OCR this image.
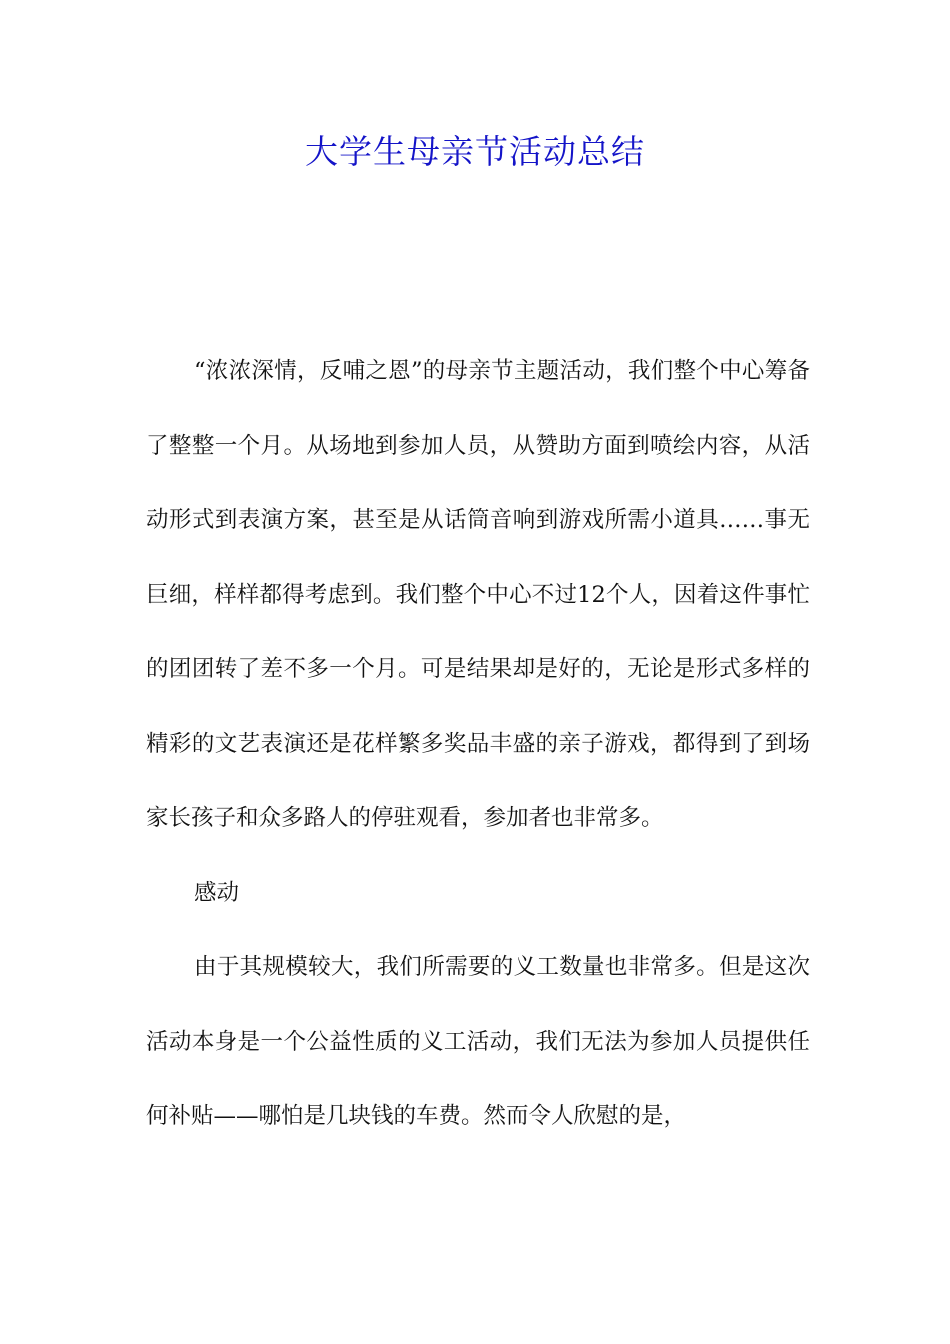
大学生母亲节活动总结

“浓浓深情，反哺之恩”的母亲节主题活动，我们整个中心筹备了整整一个月。从场地到参加人员，从赞助方面到喷绘内容，从活动形式到表演方案，甚至是从话筒音响到游戏所需小道具……事无巨细，样样都得考虑到。我们整个中心不过12个人，因着这件事忙的团团转了差不多一个月。可是结果却是好的，无论是形式多样的精彩的文艺表演还是花样繁多奖品丰盛的亲子游戏，都得到了到场家长孩子和众多路人的停驻观看，参加者也非常多。

感动

由于其规模较大，我们所需要的义工数量也非常多。但是这次活动本身是一个公益性质的义工活动，我们无法为参加人员提供任何补贴——哪怕是几块钱的车费。然而令人欣慰的是，
